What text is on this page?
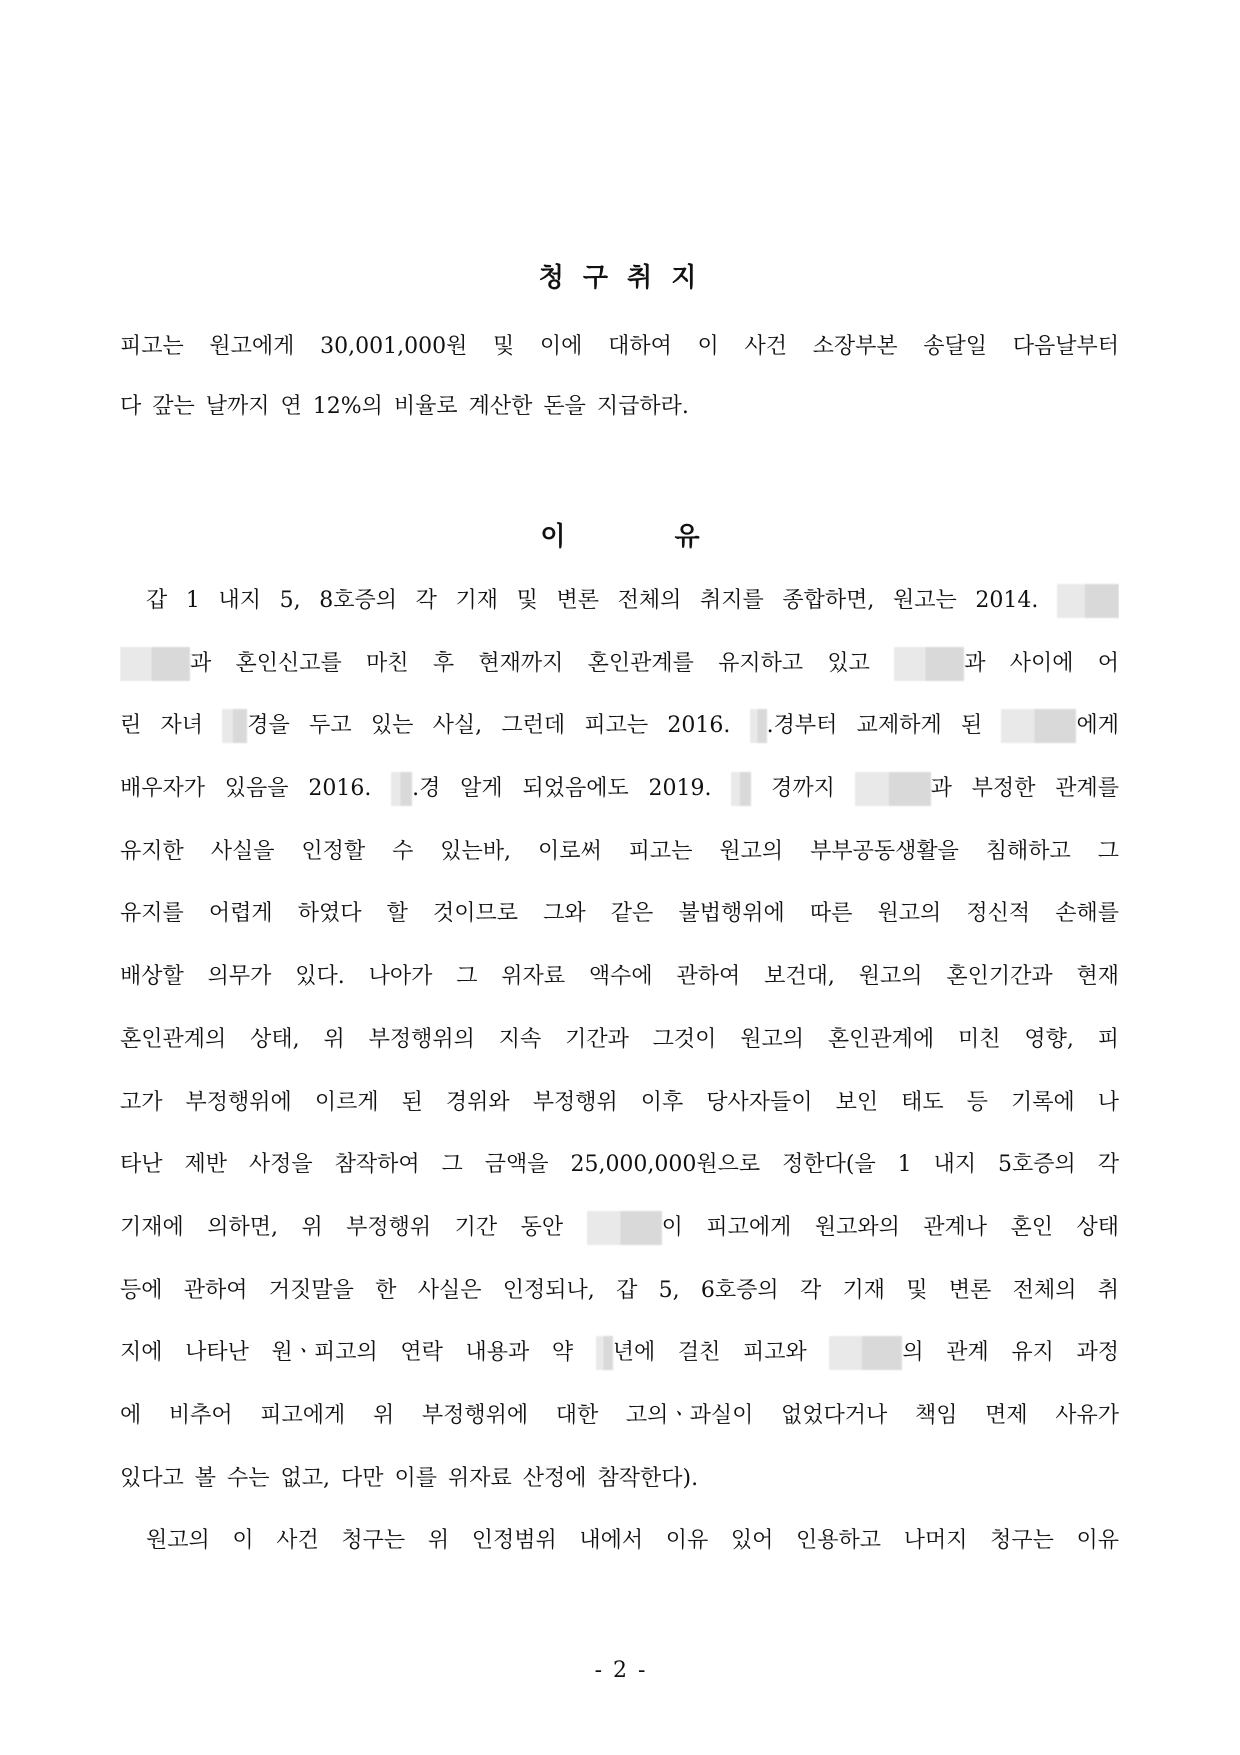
청 구 취 지
피고는 원고에게 30,001,000원 및 이에 대하여 이 사건 소장부본 송달일 다음날부터
다 갚는 날까지 연 12%의 비율로 계산한 돈을 지급하라.
이 유
갑 1 내지 5, 8호증의 각 기재 및 변론 전체의 취지를 종합하면, 원고는 2014.
과 혼인신고를 마친 후 현재까지 혼인관계를 유지하고 있고	과 사이에 어
린 자녀 경을 두고 있는 사실, 그런데 피고는 2016. .경부터 교제하게 된	에게
배우자가 있음을 2016. .경 알게 되었음에도 2019.  경까지	과 부정한 관계를
유지한 사실을 인정할 수 있는바, 이로써 피고는 원고의 부부공동생활을 침해하고 그
유지를 어렵게 하였다 할 것이므로 그와 같은 불법행위에 따른 원고의 정신적 손해를
배상할 의무가 있다. 나아가 그 위자료 액수에 관하여 보건대, 원고의 혼인기간과 현재
혼인관계의 상태, 위 부정행위의 지속 기간과 그것이 원고의 혼인관계에 미친 영향, 피
고가 부정행위에 이르게 된 경위와 부정행위 이후 당사자들이 보인 태도 등 기록에 나
타난 제반 사정을 참작하여 그 금액을 25,000,000원으로 정한다(을 1 내지 5호증의 각
기재에 의하면, 위 부정행위 기간 동안	이 피고에게 원고와의 관계나 혼인 상태
등에 관하여 거짓말을 한 사실은 인정되나, 갑 5, 6호증의 각 기재 및 변론 전체의 취
지에 나타난 원ㆍ피고의 연락 내용과 약 년에 걸친 피고와	의 관계 유지 과정
에 비추어 피고에게 위 부정행위에 대한 고의ㆍ과실이 없었다거나 책임 면제 사유가
있다고 볼 수는 없고, 다만 이를 위자료 산정에 참작한다).
원고의 이 사건 청구는 위 인정범위 내에서 이유 있어 인용하고 나머지 청구는 이유
- 2 -
